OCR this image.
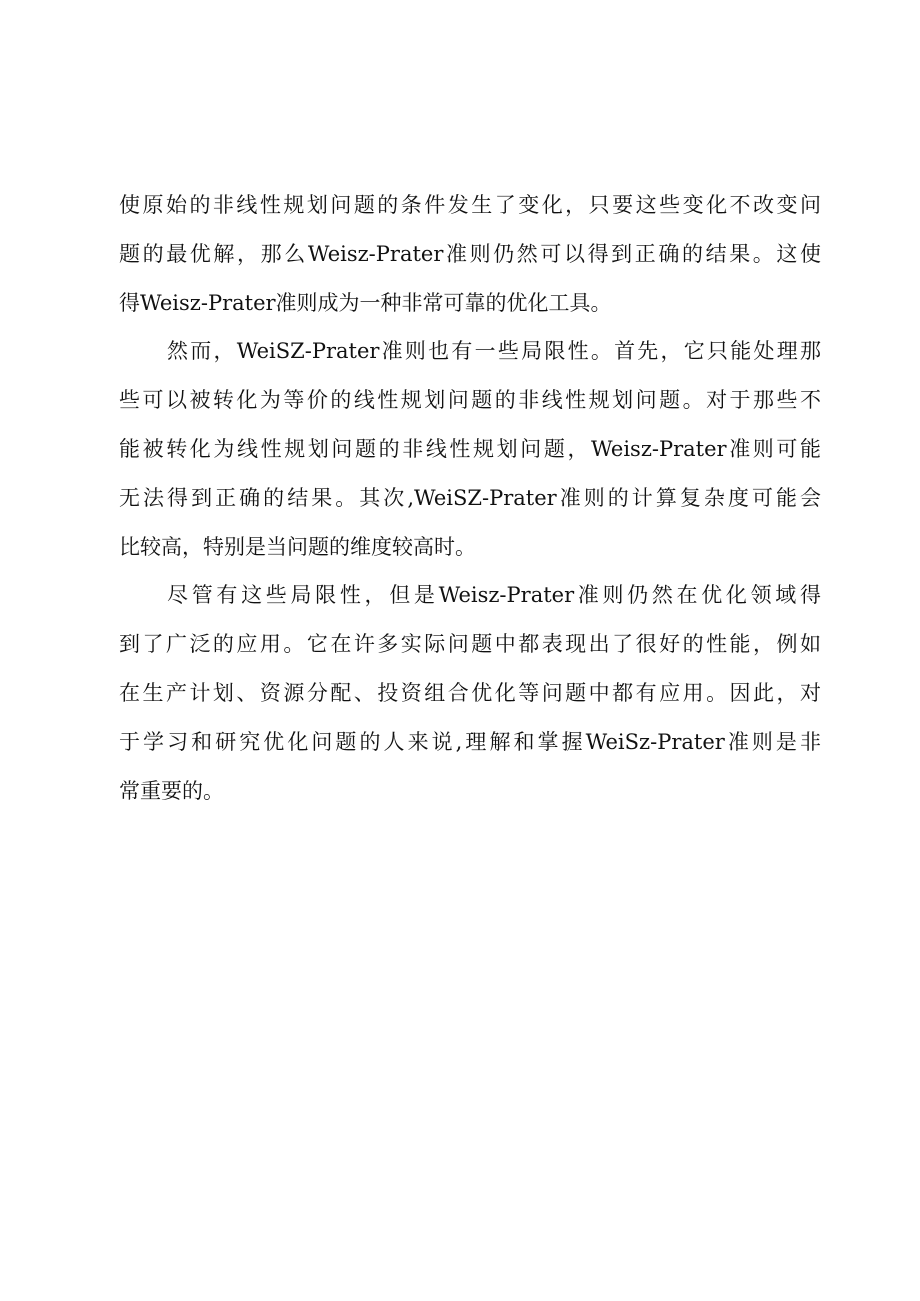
使原始的非线性规划问题的条件发生了变化，只要这些变化不改变问
题的最优解，那么Weisz-Prater准则仍然可以得到正确的结果。这使
得Weisz-Prater准则成为一种非常可靠的优化工具。
然而，WeiSZ-Prater准则也有一些局限性。首先，它只能处理那
些可以被转化为等价的线性规划问题的非线性规划问题。对于那些不
能被转化为线性规划问题的非线性规划问题，Weisz-Prater准则可能
无法得到正确的结果。其次,WeiSZ-Prater准则的计算复杂度可能会
比较高，特别是当问题的维度较高时。
尽管有这些局限性，但是Weisz-Prater准则仍然在优化领域得
到了广泛的应用。它在许多实际问题中都表现出了很好的性能，例如
在生产计划、资源分配、投资组合优化等问题中都有应用。因此，对
于学习和研究优化问题的人来说,理解和掌握WeiSz-Prater准则是非
常重要的。
